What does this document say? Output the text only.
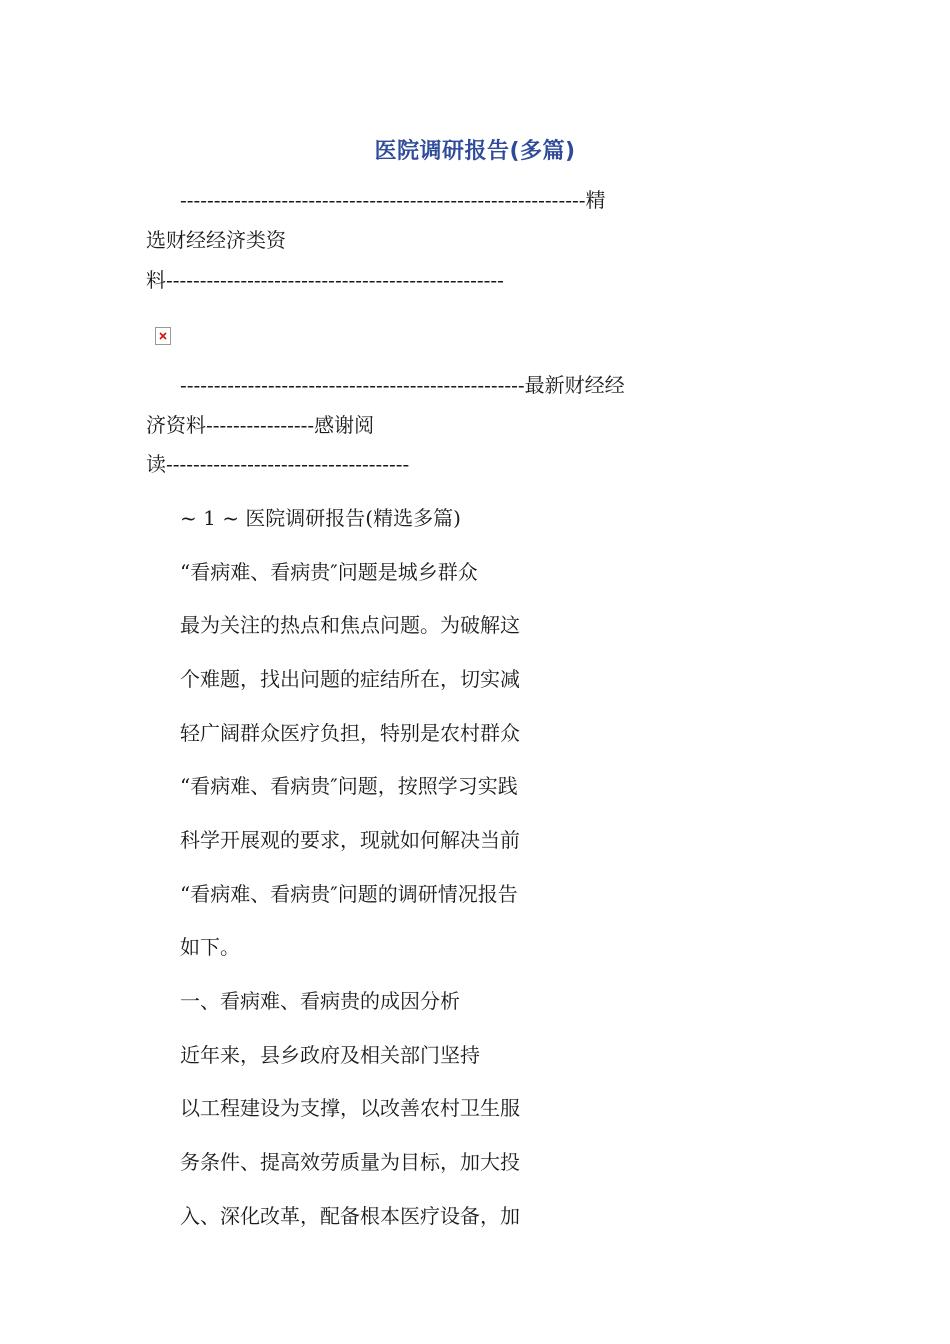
医院调研报告(多篇)
------------------------------------------------------------精
选财经经济类资
料--------------------------------------------------
---------------------------------------------------最新财经经
济资料----------------感谢阅
读------------------------------------
~ 1 ~ 医院调研报告(精选多篇)
“看病难、看病贵″问题是城乡群众
最为关注的热点和焦点问题。为破解这
个难题，找出问题的症结所在，切实减
轻广阔群众医疗负担，特别是农村群众
“看病难、看病贵″问题，按照学习实践
科学开展观的要求，现就如何解决当前
“看病难、看病贵″问题的调研情况报告
如下。
一、看病难、看病贵的成因分析
近年来，县乡政府及相关部门坚持
以工程建设为支撑，以改善农村卫生服
务条件、提高效劳质量为目标，加大投
入、深化改革，配备根本医疗设备，加
